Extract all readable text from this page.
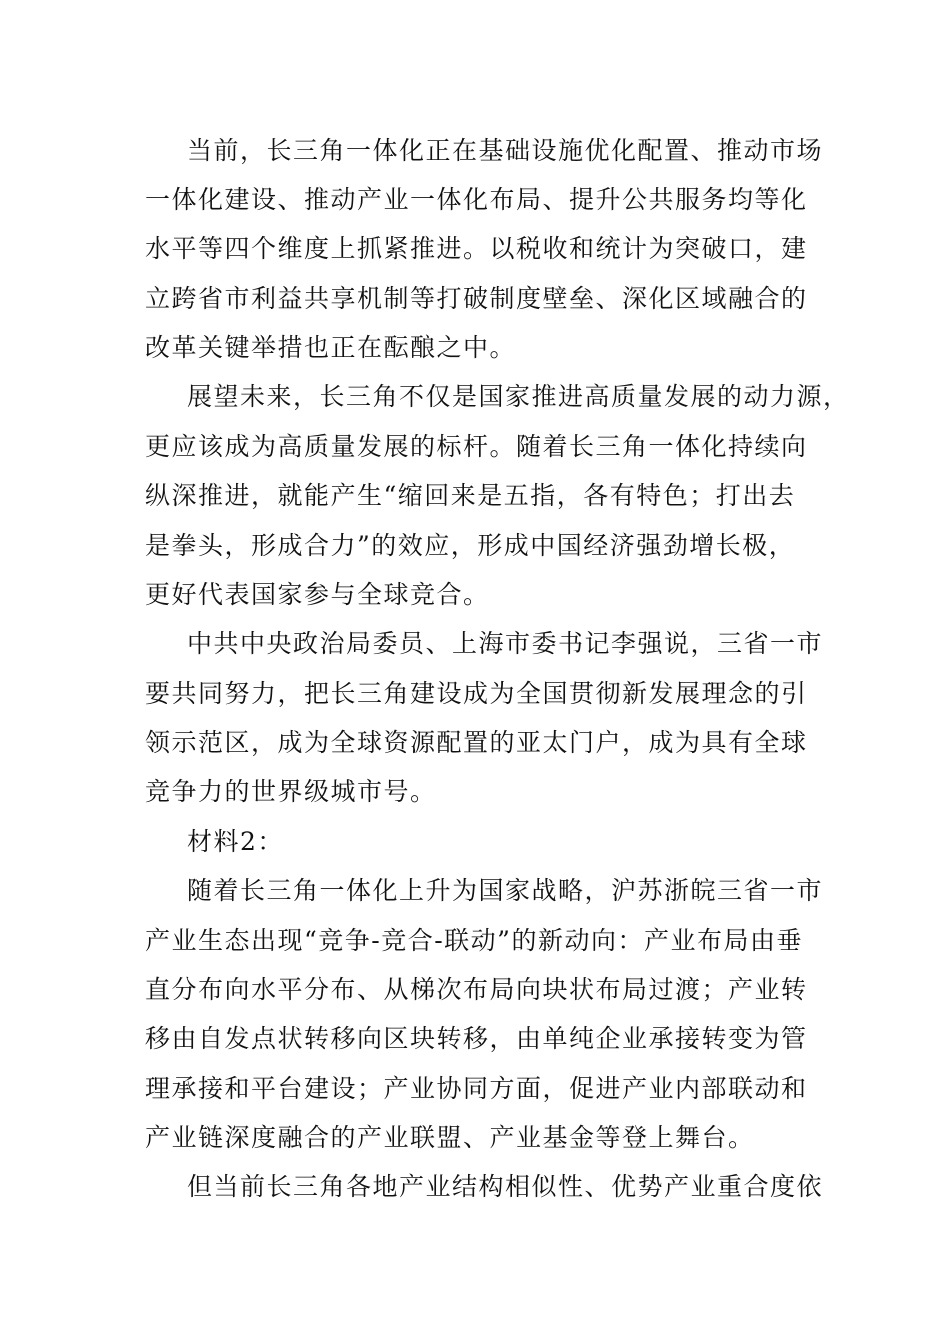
当前，长三角一体化正在基础设施优化配置、推动市场
一体化建设、推动产业一体化布局、提升公共服务均等化
水平等四个维度上抓紧推进。以税收和统计为突破口，建
立跨省市利益共享机制等打破制度壁垒、深化区域融合的
改革关键举措也正在酝酿之中。
展望未来，长三角不仅是国家推进高质量发展的动力源，
更应该成为高质量发展的标杆。随着长三角一体化持续向
纵深推进，就能产生“缩回来是五指，各有特色；打出去
是拳头，形成合力”的效应，形成中国经济强劲增长极，
更好代表国家参与全球竞合。
中共中央政治局委员、上海市委书记李强说，三省一市
要共同努力，把长三角建设成为全国贯彻新发展理念的引
领示范区，成为全球资源配置的亚太门户，成为具有全球
竞争力的世界级城市号。
材料2：
随着长三角一体化上升为国家战略，沪苏浙皖三省一市
产业生态出现“竞争-竞合-联动”的新动向：产业布局由垂
直分布向水平分布、从梯次布局向块状布局过渡；产业转
移由自发点状转移向区块转移，由单纯企业承接转变为管
理承接和平台建设；产业协同方面，促进产业内部联动和
产业链深度融合的产业联盟、产业基金等登上舞台。
但当前长三角各地产业结构相似性、优势产业重合度依
